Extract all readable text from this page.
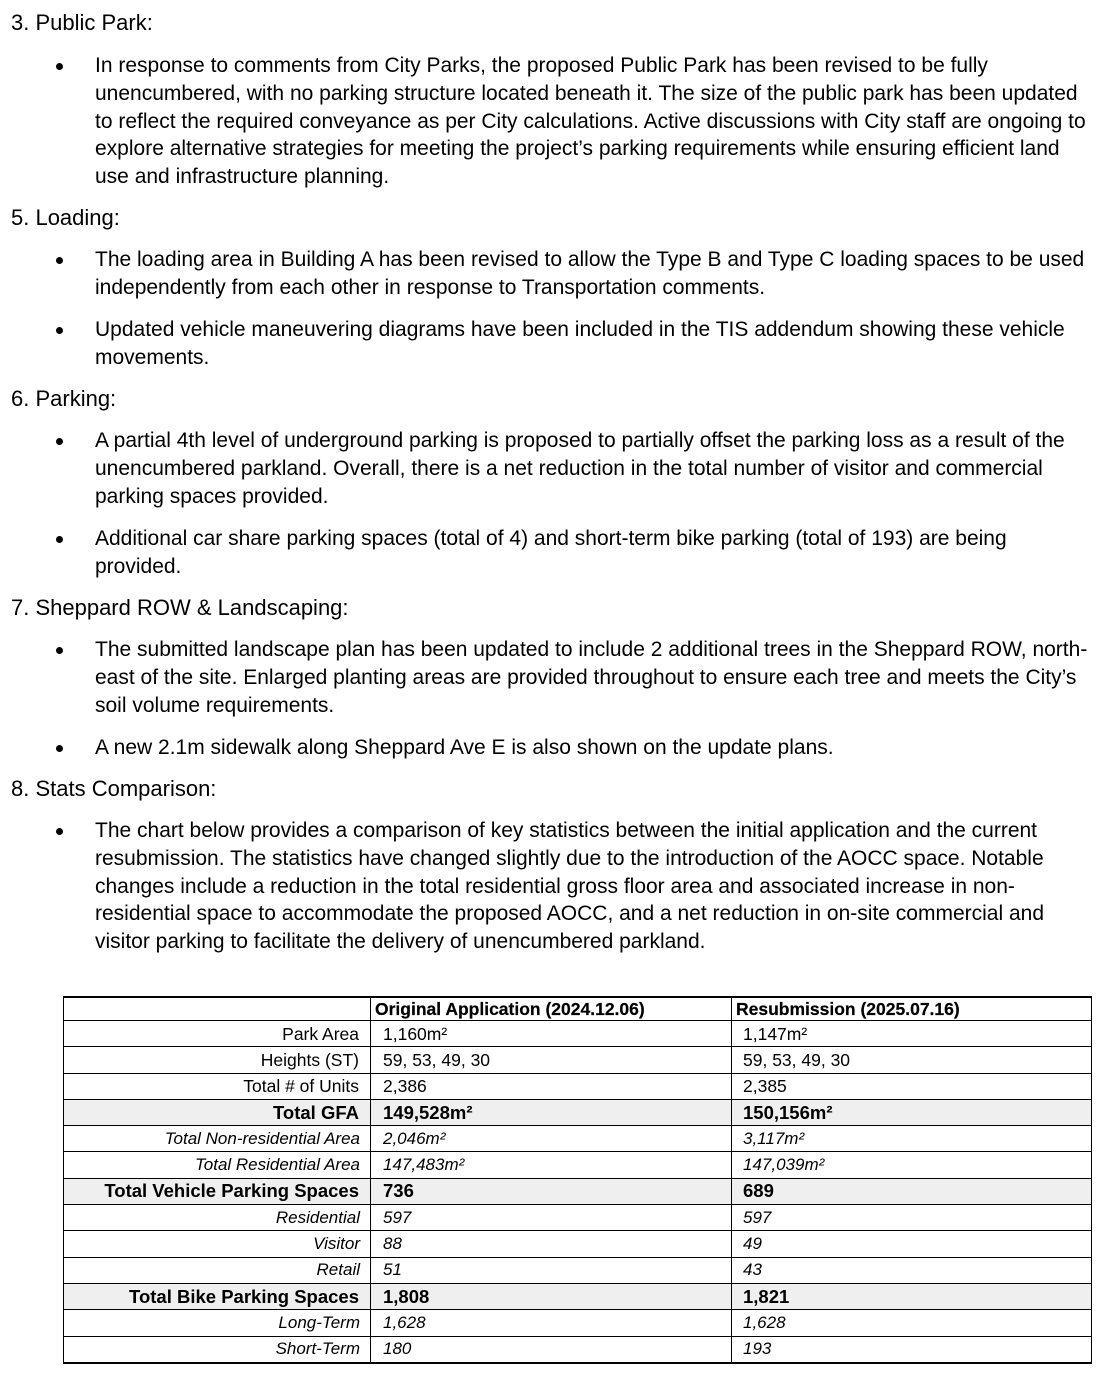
3. Public Park:

In response to comments from City Parks, the proposed Public Park has been revised to be fully unencumbered, with no parking structure located beneath it. The size of the public park has been updated to reflect the required conveyance as per City calculations. Active discussions with City staff are ongoing to explore alternative strategies for meeting the project’s parking requirements while ensuring efficient land use and infrastructure planning.

5. Loading:

The loading area in Building A has been revised to allow the Type B and Type C loading spaces to be used independently from each other in response to Transportation comments.

Updated vehicle maneuvering diagrams have been included in the TIS addendum showing these vehicle movements.

6. Parking:

A partial 4th level of underground parking is proposed to partially offset the parking loss as a result of the unencumbered parkland. Overall, there is a net reduction in the total number of visitor and commercial parking spaces provided.

Additional car share parking spaces (total of 4) and short-term bike parking (total of 193) are being provided.

7. Sheppard ROW & Landscaping:

The submitted landscape plan has been updated to include 2 additional trees in the Sheppard ROW, north-east of the site. Enlarged planting areas are provided throughout to ensure each tree and meets the City’s soil volume requirements.

A new 2.1m sidewalk along Sheppard Ave E is also shown on the update plans.

8. Stats Comparison:

The chart below provides a comparison of key statistics between the initial application and the current resubmission. The statistics have changed slightly due to the introduction of the AOCC space. Notable changes include a reduction in the total residential gross floor area and associated increase in non-residential space to accommodate the proposed AOCC, and a net reduction in on-site commercial and visitor parking to facilitate the delivery of unencumbered parkland.

	Original Application (2024.12.06)	Resubmission (2025.07.16)
Park Area	1,160m²	1,147m²
Heights (ST)	59, 53, 49, 30	59, 53, 49, 30
Total # of Units	2,386	2,385
Total GFA	149,528m²	150,156m²
Total Non-residential Area	2,046m²	3,117m²
Total Residential Area	147,483m²	147,039m²
Total Vehicle Parking Spaces	736	689
Residential	597	597
Visitor	88	49
Retail	51	43
Total Bike Parking Spaces	1,808	1,821
Long-Term	1,628	1,628
Short-Term	180	193
